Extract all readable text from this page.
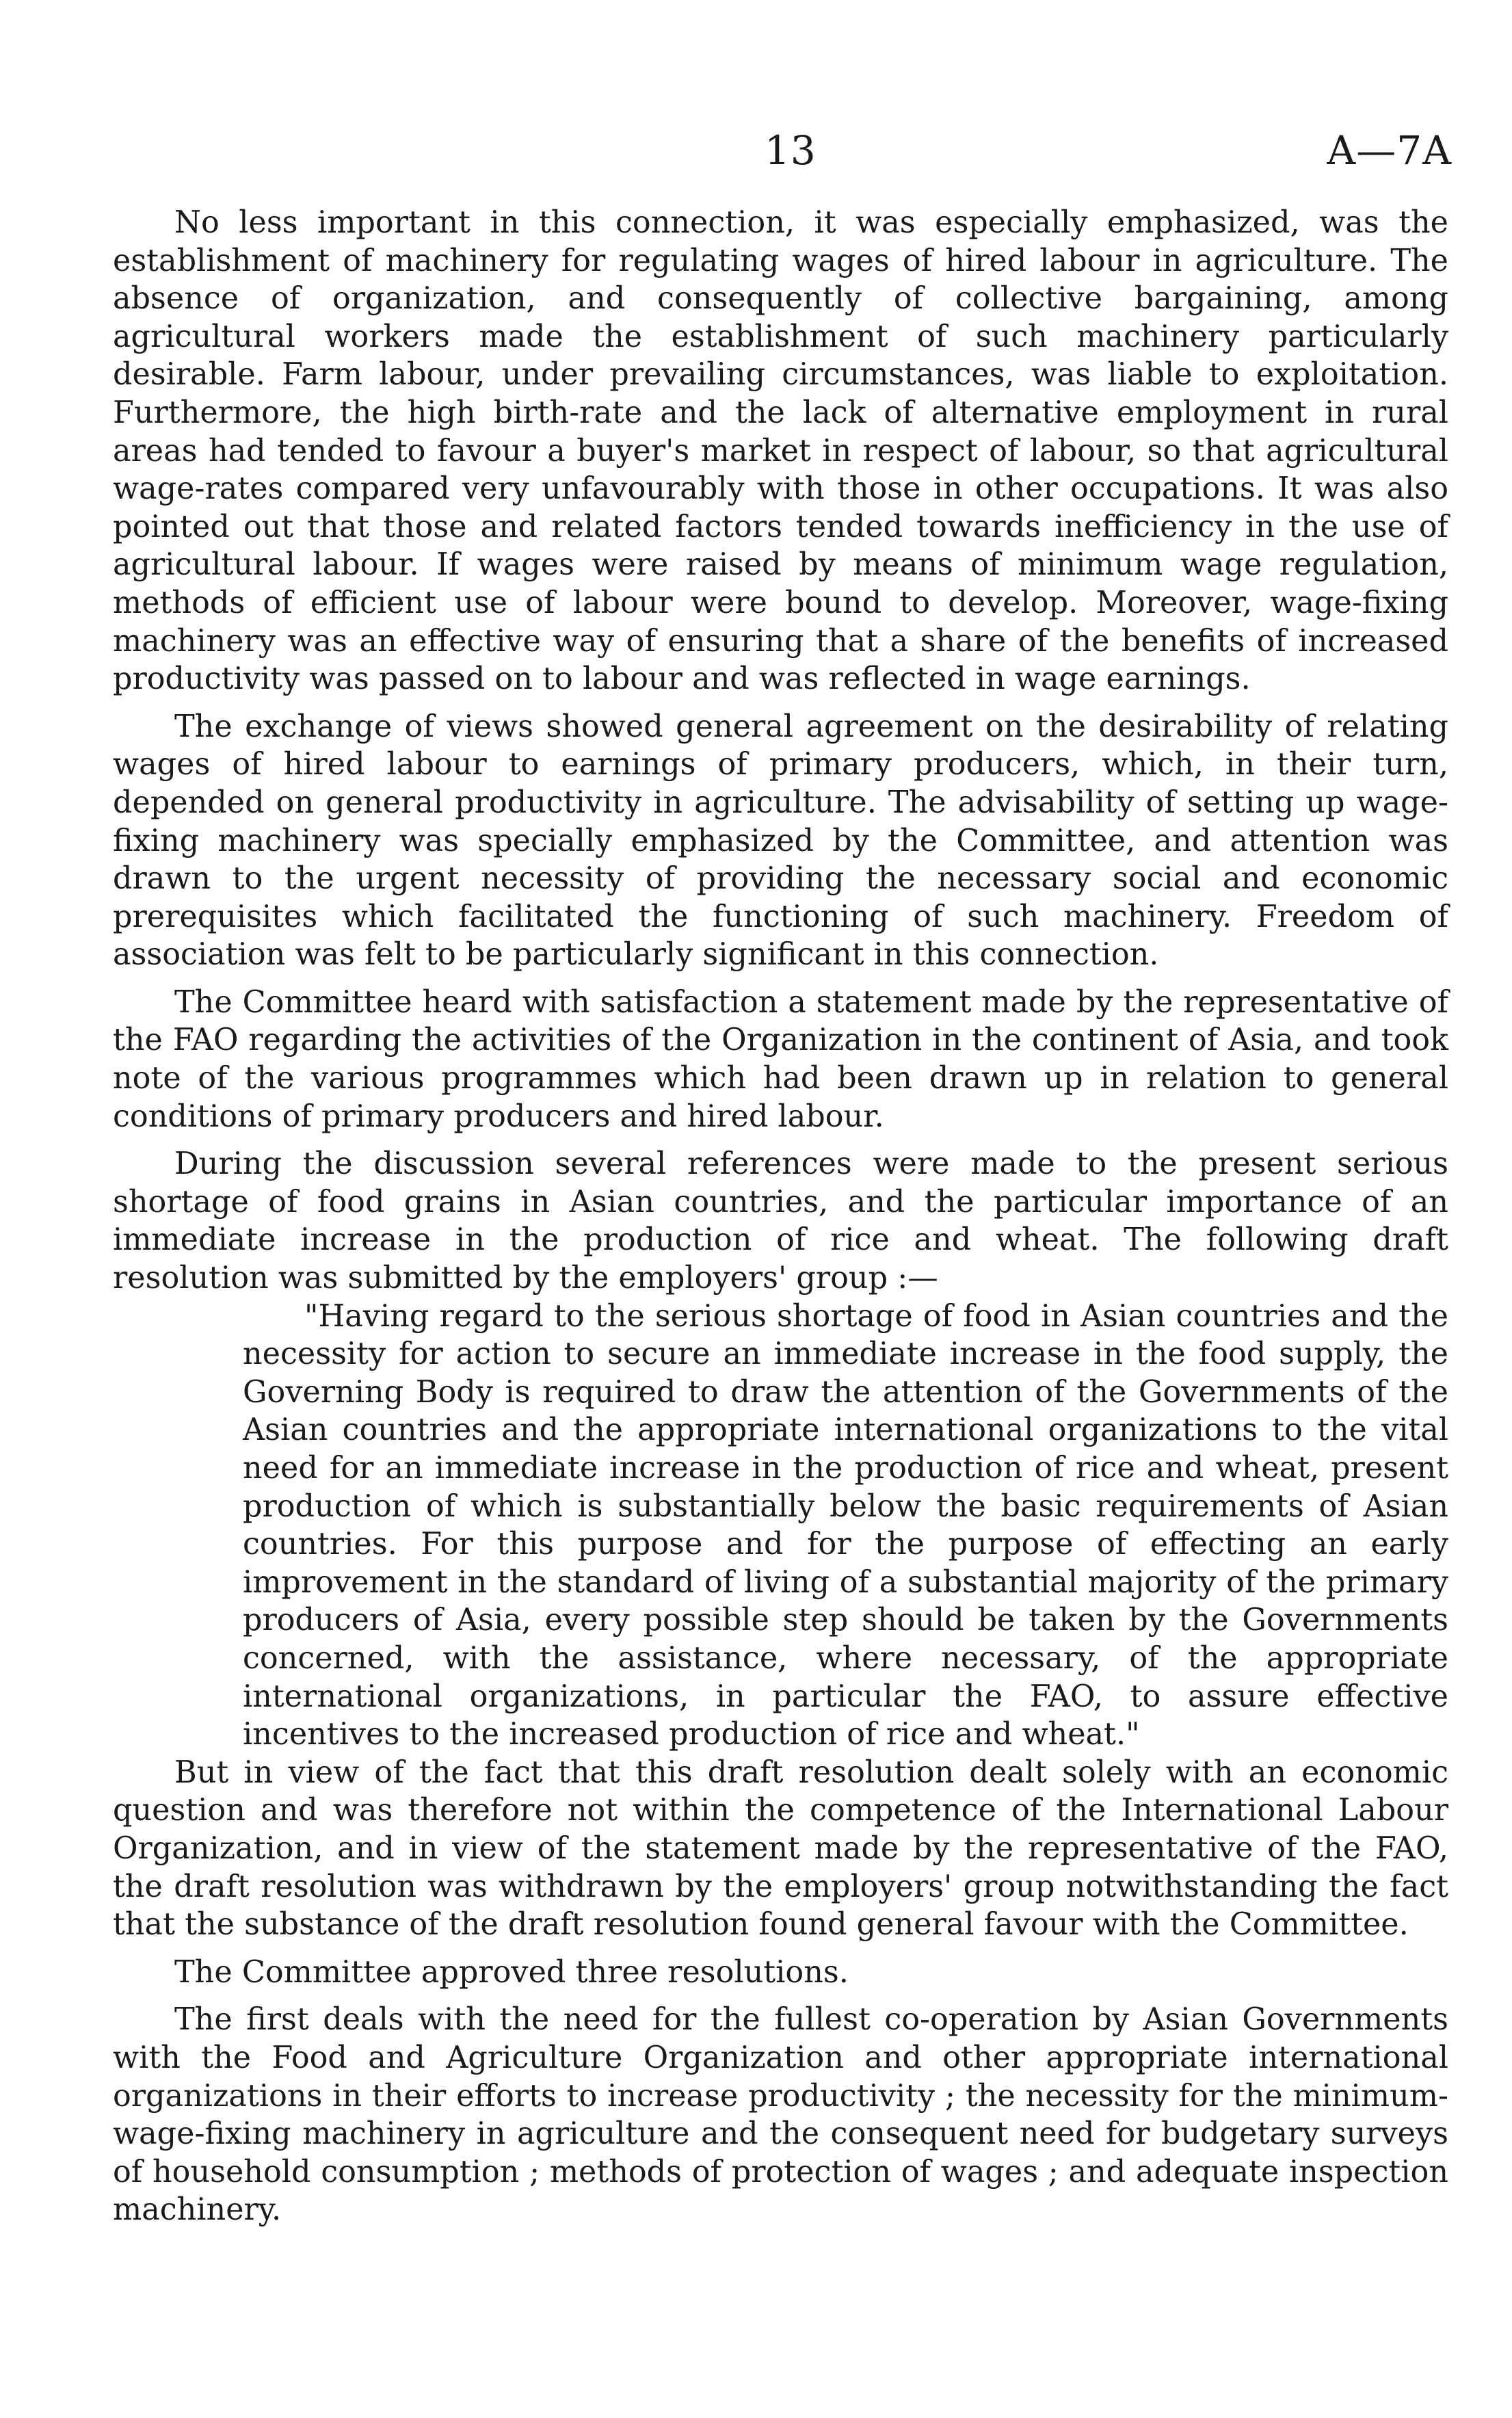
13	A—7A

No less important in this connection, it was especially emphasized, was the establishment of machinery for regulating wages of hired labour in agriculture. The absence of organization, and consequently of collective bargaining, among agricultural workers made the establishment of such machinery particularly desirable. Farm labour, under prevailing circumstances, was liable to exploitation. Furthermore, the high birth-rate and the lack of alternative employment in rural areas had tended to favour a buyer's market in respect of labour, so that agricultural wage-rates compared very unfavourably with those in other occupations. It was also pointed out that those and related factors tended towards inefficiency in the use of agricultural labour. If wages were raised by means of minimum wage regulation, methods of efficient use of labour were bound to develop. Moreover, wage-fixing machinery was an effective way of ensuring that a share of the benefits of increased productivity was passed on to labour and was reflected in wage earnings.

The exchange of views showed general agreement on the desirability of relating wages of hired labour to earnings of primary producers, which, in their turn, depended on general productivity in agriculture. The advisability of setting up wage-fixing machinery was specially emphasized by the Committee, and attention was drawn to the urgent necessity of providing the necessary social and economic prerequisites which facilitated the functioning of such machinery. Freedom of association was felt to be particularly significant in this connection.

The Committee heard with satisfaction a statement made by the representative of the FAO regarding the activities of the Organization in the continent of Asia, and took note of the various programmes which had been drawn up in relation to general conditions of primary producers and hired labour.

During the discussion several references were made to the present serious shortage of food grains in Asian countries, and the particular importance of an immediate increase in the production of rice and wheat. The following draft resolution was submitted by the employers' group :—

"Having regard to the serious shortage of food in Asian countries and the necessity for action to secure an immediate increase in the food supply, the Governing Body is required to draw the attention of the Governments of the Asian countries and the appropriate international organizations to the vital need for an immediate increase in the production of rice and wheat, present production of which is substantially below the basic requirements of Asian countries. For this purpose and for the purpose of effecting an early improvement in the standard of living of a substantial majority of the primary producers of Asia, every possible step should be taken by the Governments concerned, with the assistance, where necessary, of the appropriate international organizations, in particular the FAO, to assure effective incentives to the increased production of rice and wheat."

But in view of the fact that this draft resolution dealt solely with an economic question and was therefore not within the competence of the International Labour Organization, and in view of the statement made by the representative of the FAO, the draft resolution was withdrawn by the employers' group notwithstanding the fact that the substance of the draft resolution found general favour with the Committee.

The Committee approved three resolutions.

The first deals with the need for the fullest co-operation by Asian Governments with the Food and Agriculture Organization and other appropriate international organizations in their efforts to increase productivity ; the necessity for the minimum-wage-fixing machinery in agriculture and the consequent need for budgetary surveys of household consumption ; methods of protection of wages ; and adequate inspection machinery.
